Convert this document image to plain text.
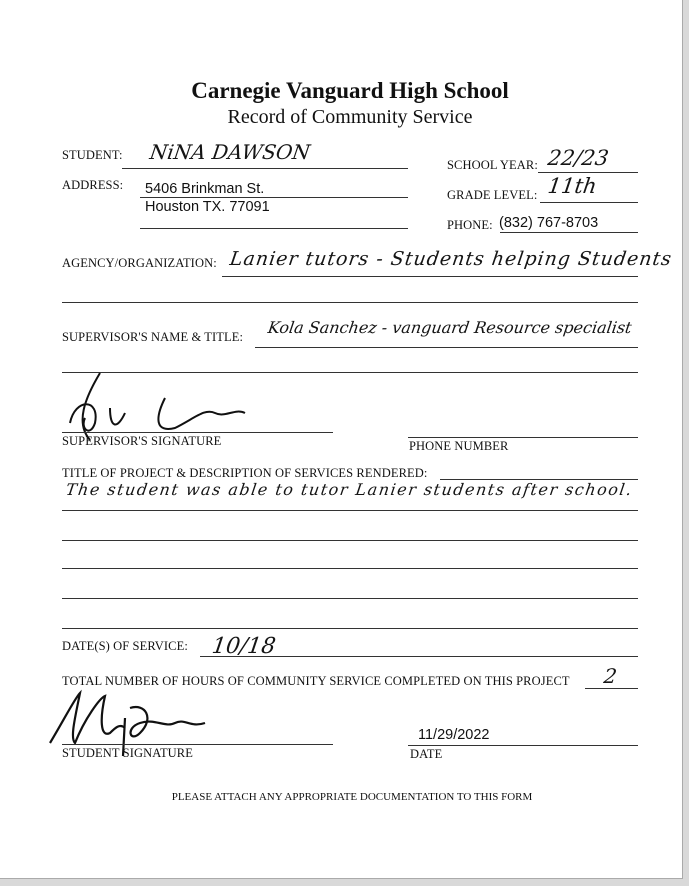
Carnegie Vanguard High School
Record of Community Service
STUDENT: NiNA DAWSON
SCHOOL YEAR: 22/23
ADDRESS: 5406 Brinkman St.
Houston TX. 77091
GRADE LEVEL: 11th
PHONE: (832) 767-8703
AGENCY/ORGANIZATION: Lanier tutors - Students helping Students
SUPERVISOR'S NAME & TITLE: Kola Sanchez - vanguard Resource specialist
SUPERVISOR'S SIGNATURE	PHONE NUMBER
TITLE OF PROJECT & DESCRIPTION OF SERVICES RENDERED:
The student was able to tutor Lanier students after school.
DATE(S) OF SERVICE: 10/18
TOTAL NUMBER OF HOURS OF COMMUNITY SERVICE COMPLETED ON THIS PROJECT 2
STUDENT SIGNATURE
11/29/2022
DATE
PLEASE ATTACH ANY APPROPRIATE DOCUMENTATION TO THIS FORM
